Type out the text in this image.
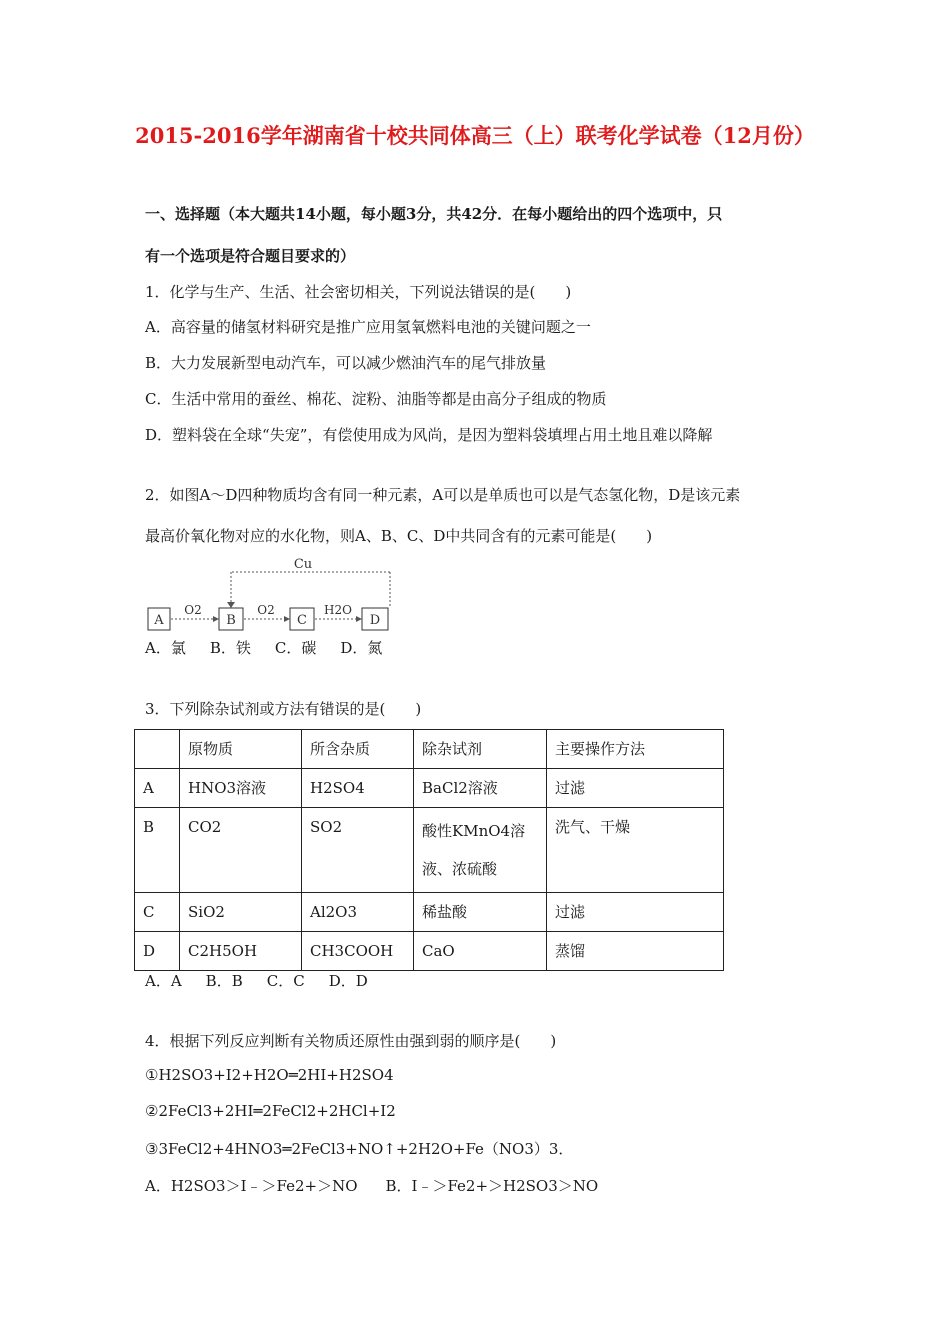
2015-2016学年湖南省十校共同体高三（上）联考化学试卷（12月份）
一、选择题（本大题共14小题，每小题3分，共42分．在每小题给出的四个选项中，只
有一个选项是符合题目要求的）
1．化学与生产、生活、社会密切相关，下列说法错误的是(　　)
A．高容量的储氢材料研究是推广应用氢氧燃料电池的关键问题之一
B．大力发展新型电动汽车，可以减少燃油汽车的尾气排放量
C．生活中常用的蚕丝、棉花、淀粉、油脂等都是由高分子组成的物质
D．塑料袋在全球“失宠”，有偿使用成为风尚，是因为塑料袋填埋占用土地且难以降解
2．如图A～D四种物质均含有同一种元素，A可以是单质也可以是气态氢化物，D是该元素
最高价氧化物对应的水化物，则A、B、C、D中共同含有的元素可能是(　　)
Cu
A	B	C	D
O2	O2	H2O
A．氯 B．铁 C．碳 D．氮
3．下列除杂试剂或方法有错误的是(　　)
	原物质	所含杂质	除杂试剂	主要操作方法
A	HNO3溶液	H2SO4	BaCl2溶液	过滤
B	CO2	SO2	酸性KMnO4溶液、浓硫酸	洗气、干燥
C	SiO2	Al2O3	稀盐酸	过滤
D	C2H5OH	CH3COOH	CaO	蒸馏
A．A B．B C．C D．D
4．根据下列反应判断有关物质还原性由强到弱的顺序是(　　)
①H2SO3+I2+H2O═2HI+H2SO4
②2FeCl3+2HI═2FeCl2+2HCl+I2
③3FeCl2+4HNO3═2FeCl3+NO↑+2H2O+Fe（NO3）3．
A．H2SO3＞I﹣＞Fe2+＞NO B．I﹣＞Fe2+＞H2SO3＞NO
